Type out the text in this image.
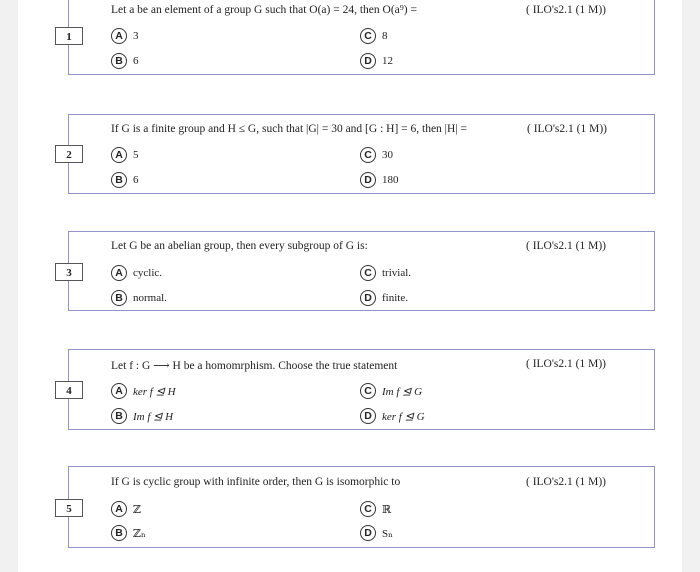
Let a be an element of a group G such that O(a) = 24, then O(a⁹) =	( ILO's2.1 (1 M))
1	A 3
B 6
C 8
D 12
If G is a finite group and H ≤ G, such that |G| = 30 and [G : H] = 6, then |H| =	( ILO's2.1 (1 M))
2	A 5
B 6
C 30
D 180
Let G be an abelian group, then every subgroup of G is:	( ILO's2.1 (1 M))
3	A cyclic.
B normal.
C trivial.
D finite.
Let f : G ⟶ H be a homomrphism. Choose the true statement	( ILO's2.1 (1 M))
4	A ker f ⊴ H
B Im f ⊴ H
C Im f ⊴ G
D ker f ⊴ G
If G is cyclic group with infinite order, then G is isomorphic to	( ILO's2.1 (1 M))
5	A ℤ
B ℤₙ
C ℝ
D Sₙ
